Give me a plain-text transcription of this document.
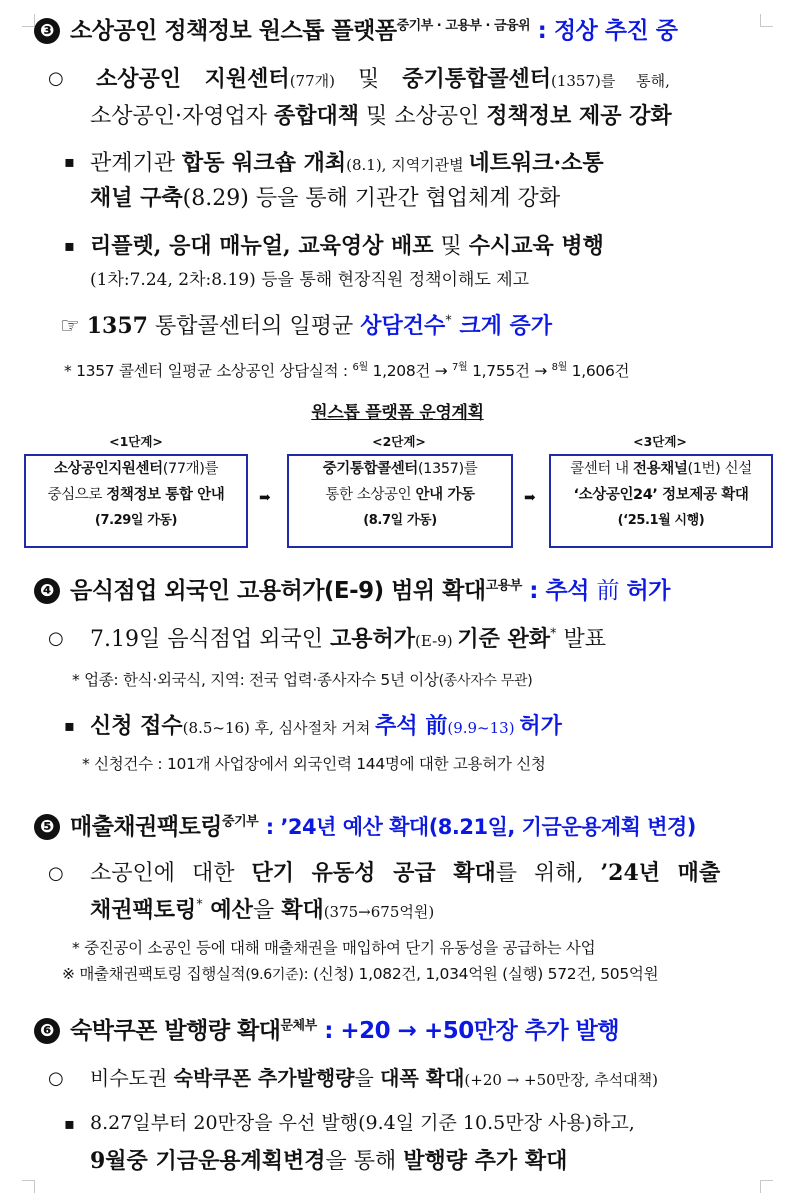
❸ 소상공인 정책정보 원스톱 플랫폼$^{중기부 \cdot 고용부 \cdot 금융위}$ : 정상 추진 중
○ 소상공인 지원센터(77개) 및 중기통합콜센터(1357)를 통해,
소상공인·자영업자 종합대책 및 소상공인 정책정보 제공 강화
▪ 관계기관 합동 워크숍 개최(8.1), 지역기관별 네트워크·소통
채널 구축(8.29) 등을 통해 기관간 협업체계 강화
▪ 리플렛, 응대 매뉴얼, 교육영상 배포 및 수시교육 병행
(1차:7.24, 2차:8.19) 등을 통해 현장직원 정책이해도 제고
☞ 1357 통합콜센터의 일평균 상담건수* 크게 증가
* 1357 콜센터 일평균 소상공인 상담실적 : $^{6월}$ 1,208건 → $^{7월}$ 1,755건 → $^{8월}$ 1,606건
원스톱 플랫폼 운영계획
<1단계>
소상공인지원센터(77개)를
중심으로 정책정보 통합 안내
(7.29일 가동)
➡
<2단계>
중기통합콜센터(1357)를
통한 소상공인 안내 가동
(8.7일 가동)
➡
<3단계>
콜센터 내 전용채널(1번) 신설
‘소상공인24’ 정보제공 확대
(‘25.1월 시행)
❹ 음식점업 외국인 고용허가(E-9) 범위 확대$^{고용부}$ : 추석 前 허가
○ 7.19일 음식점업 외국인 고용허가(E-9) 기준 완화* 발표
* 업종: 한식·외국식, 지역: 전국 업력·종사자수 5년 이상(종사자수 무관)
▪ 신청 접수(8.5~16) 후, 심사절차 거쳐 추석 前(9.9~13) 허가
* 신청건수 : 101개 사업장에서 외국인력 144명에 대한 고용허가 신청
❺ 매출채권팩토링$^{중기부}$ : ’24년 예산 확대(8.21일, 기금운용계획 변경)
○ 소공인에 대한 단기 유동성 공급 확대를 위해, ’24년 매출
채권팩토링* 예산을 확대(375→675억원)
* 중진공이 소공인 등에 대해 매출채권을 매입하여 단기 유동성을 공급하는 사업
※ 매출채권팩토링 집행실적(9.6기준): (신청) 1,082건, 1,034억원 (실행) 572건, 505억원
❻ 숙박쿠폰 발행량 확대$^{문체부}$ : +20 → +50만장 추가 발행
○ 비수도권 숙박쿠폰 추가발행량을 대폭 확대(+20 → +50만장, 추석대책)
▪ 8.27일부터 20만장을 우선 발행(9.4일 기준 10.5만장 사용)하고,
9월중 기금운용계획변경을 통해 발행량 추가 확대
